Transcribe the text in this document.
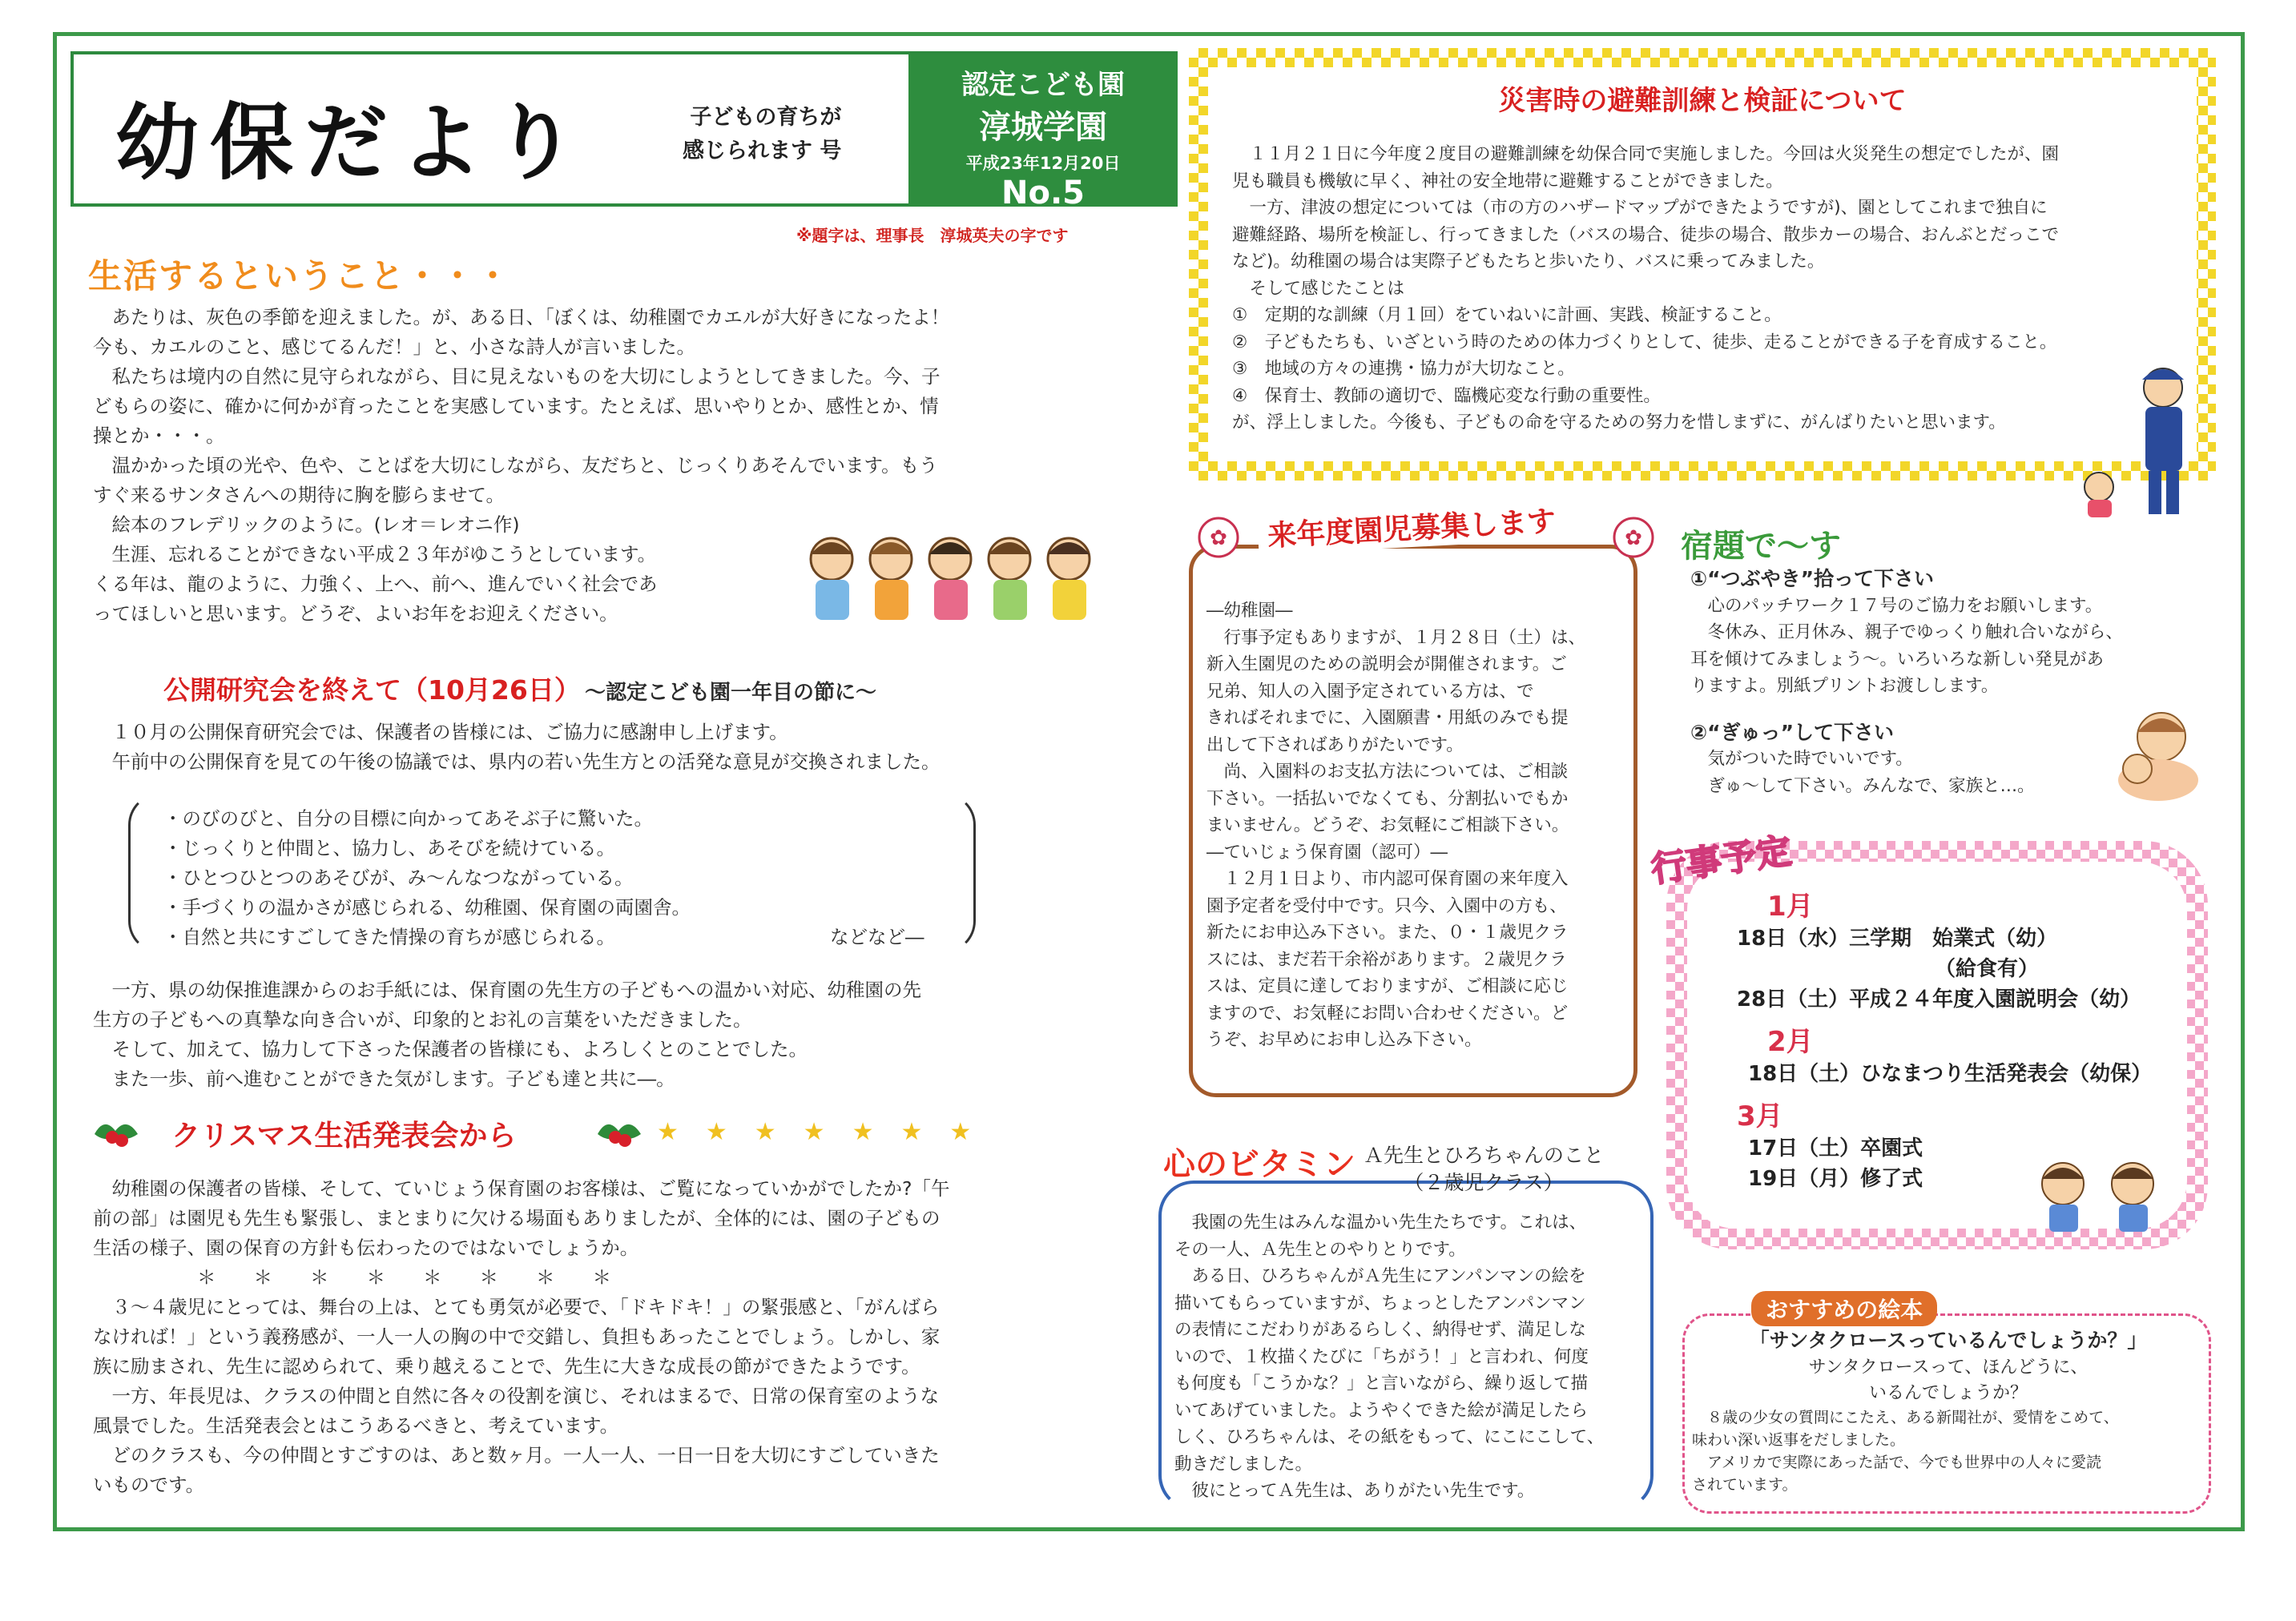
幼保だより	子どもの育ちが
感じられます 号
認定こども園
淳城学園
平成23年12月20日
No.5
※題字は、理事長　淳城英夫の字です
生活するということ・・・

　あたりは、灰色の季節を迎えました。が、ある日、「ぼくは、幼稚園でカエルが大好きになったよ！

今も、カエルのこと、感じてるんだ！」と、小さな詩人が言いました。

　私たちは境内の自然に見守られながら、目に見えないものを大切にしようとしてきました。今、子

どもらの姿に、確かに何かが育ったことを実感しています。たとえば、思いやりとか、感性とか、情

操とか・・・。

　温かかった頃の光や、色や、ことばを大切にしながら、友だちと、じっくりあそんでいます。もう

すぐ来るサンタさんへの期待に胸を膨らませて。

　絵本のフレデリックのように。(レオ＝レオニ作)

　生涯、忘れることができない平成２３年がゆこうとしています。

くる年は、龍のように、力強く、上へ、前へ、進んでいく社会であ

ってほしいと思います。どうぞ、よいお年をお迎えください。

公開研究会を終えて（10月26日） ～認定こども園一年目の節に～

　１０月の公開保育研究会では、保護者の皆様には、ご協力に感謝申し上げます。

　午前中の公開保育を見ての午後の協議では、県内の若い先生方との活発な意見が交換されました。

・のびのびと、自分の目標に向かってあそぶ子に驚いた。

・じっくりと仲間と、協力し、あそびを続けている。

・ひとつひとつのあそびが、み～んなつながっている。

・手づくりの温かさが感じられる、幼稚園、保育園の両園舎。

・自然と共にすごしてきた情操の育ちが感じられる。	などなど―

　一方、県の幼保推進課からのお手紙には、保育園の先生方の子どもへの温かい対応、幼稚園の先

生方の子どもへの真摯な向き合いが、印象的とお礼の言葉をいただきました。

　そして、加えて、協力して下さった保護者の皆様にも、よろしくとのことでした。

　また一歩、前へ進むことができた気がします。子ども達と共に―。

クリスマス生活発表会から	★★★★★★★

　幼稚園の保護者の皆様、そして、ていじょう保育園のお客様は、ご覧になっていかがでしたか?「午

前の部」は園児も先生も緊張し、まとまりに欠ける場面もありましたが、全体的には、園の子どもの

生活の様子、園の保育の方針も伝わったのではないでしょうか。

＊　　＊　　＊　　＊　　＊　　＊　　＊　　＊

　３～４歳児にとっては、舞台の上は、とても勇気が必要で、「ドキドキ！」の緊張感と、「がんばら

なければ！」という義務感が、一人一人の胸の中で交錯し、負担もあったことでしょう。しかし、家

族に励まされ、先生に認められて、乗り越えることで、先生に大きな成長の節ができたようです。

　一方、年長児は、クラスの仲間と自然に各々の役割を演じ、それはまるで、日常の保育室のような

風景でした。生活発表会とはこうあるべきと、考えています。

　どのクラスも、今の仲間とすごすのは、あと数ヶ月。一人一人、一日一日を大切にすごしていきた

いものです。

災害時の避難訓練と検証について

　１１月２１日に今年度２度目の避難訓練を幼保合同で実施しました。今回は火災発生の想定でしたが、園

児も職員も機敏に早く、神社の安全地帯に避難することができました。

　一方、津波の想定については（市の方のハザードマップができたようですが)、園としてこれまで独自に

避難経路、場所を検証し、行ってきました（バスの場合、徒歩の場合、散歩カーの場合、おんぶとだっこで

など)。幼稚園の場合は実際子どもたちと歩いたり、バスに乗ってみました。

　そして感じたことは

①　定期的な訓練（月１回）をていねいに計画、実践、検証すること。

②　子どもたちも、いざという時のための体力づくりとして、徒歩、走ることができる子を育成すること。

③　地域の方々の連携・協力が大切なこと。

④　保育士、教師の適切で、臨機応変な行動の重要性。

が、浮上しました。今後も、子どもの命を守るための努力を惜しまずに、がんばりたいと思います。

来年度園児募集します
✿	✿

―幼稚園―

　行事予定もありますが、１月２８日（土）は、

新入生園児のための説明会が開催されます。ご

兄弟、知人の入園予定されている方は、で

きればそれまでに、入園願書・用紙のみでも提

出して下さればありがたいです。

　尚、入園料のお支払方法については、ご相談

下さい。一括払いでなくても、分割払いでもか

まいません。どうぞ、お気軽にご相談下さい。

―ていじょう保育園（認可）―

　１２月１日より、市内認可保育園の来年度入

園予定者を受付中です。只今、入園中の方も、

新たにお申込み下さい。また、０・１歳児クラ

スには、まだ若干余裕があります。２歳児クラ

スは、定員に達しておりますが、ご相談に応じ

ますので、お気軽にお問い合わせください。ど

うぞ、お早めにお申し込み下さい。

心のビタミン Ａ先生とひろちゃんのこと
（２歳児クラス）

　我園の先生はみんな温かい先生たちです。これは、

その一人、Ａ先生とのやりとりです。

　ある日、ひろちゃんがＡ先生にアンパンマンの絵を

描いてもらっていますが、ちょっとしたアンパンマン

の表情にこだわりがあるらしく、納得せず、満足しな

いので、１枚描くたびに「ちがう！」と言われ、何度

も何度も「こうかな？」と言いながら、繰り返して描

いてあげていました。ようやくできた絵が満足したら

しく、ひろちゃんは、その紙をもって、にこにこして、

動きだしました。

　彼にとってＡ先生は、ありがたい先生です。

宿題で～す

①“つぶやき”拾って下さい

　心のパッチワーク１７号のご協力をお願いします。

　冬休み、正月休み、親子でゆっくり触れ合いながら、

耳を傾けてみましょう～。いろいろな新しい発見があ

りますよ。別紙プリントお渡しします。

②“ぎゅっ”して下さい

　気がついた時でいいです。

　ぎゅ～して下さい。みんなで、家族と…。

行事予定
1月
18日（水）三学期　始業式（幼）
　　　　　　　　　　（給食有）
28日（土）平成２４年度入園説明会（幼）
2月
18日（土）ひなまつり生活発表会（幼保）
3月
17日（土）卒園式
19日（月）修了式
おすすめの絵本
「サンタクロースっているんでしょうか？」
サンタクロースって、ほんどうに、
いるんでしょうか？

　８歳の少女の質問にこたえ、ある新聞社が、愛情をこめて、

味わい深い返事をだしました。

　アメリカで実際にあった話で、今でも世界中の人々に愛読

されています。
